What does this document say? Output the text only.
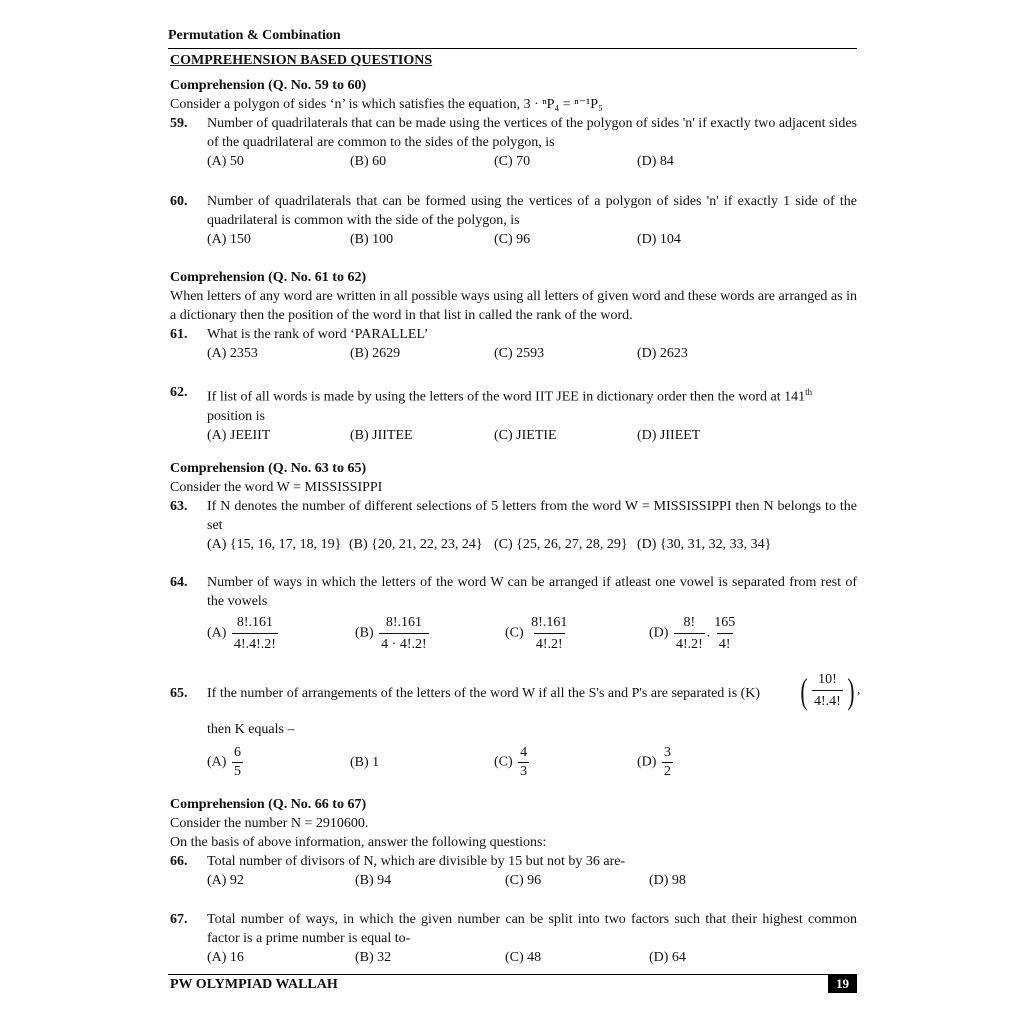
Permutation & Combination
COMPREHENSION BASED QUESTIONS
Comprehension (Q. No. 59 to 60)
Consider a polygon of sides ‘n’ is which satisfies the equation, 3 · ⁿP₄ = ⁿ⁻¹P₅
59. Number of quadrilaterals that can be made using the vertices of the polygon of sides 'n' if exactly two adjacent sides of the quadrilateral are common to the sides of the polygon, is
(A) 50	(B) 60	(C) 70	(D) 84
60. Number of quadrilaterals that can be formed using the vertices of a polygon of sides 'n' if exactly 1 side of the quadrilateral is common with the side of the polygon, is
(A) 150	(B) 100	(C) 96	(D) 104
Comprehension (Q. No. 61 to 62)
When letters of any word are written in all possible ways using all letters of given word and these words are arranged as in a dictionary then the position of the word in that list in called the rank of the word.
61. What is the rank of word ‘PARALLEL’
(A) 2353	(B) 2629	(C) 2593	(D) 2623
62. If list of all words is made by using the letters of the word IIT JEE in dictionary order then the word at 141th
position is
(A) JEEIIT	(B) JIITEE	(C) JIETIE	(D) JIIEET
Comprehension (Q. No. 63 to 65)
Consider the word W = MISSISSIPPI
63. If N denotes the number of different selections of 5 letters from the word W = MISSISSIPPI then N belongs to the set
(A) {15, 16, 17, 18, 19} (B) {20, 21, 22, 23, 24} (C) {25, 26, 27, 28, 29} (D) {30, 31, 32, 33, 34}
64. Number of ways in which the letters of the word W can be arranged if atleast one vowel is separated from rest of the vowels
$(A) \frac{8!.161}{4!.4!.2!}$	$(B) \frac{8!.161}{4 \cdot 4!.2!}$	$(C) \frac{8!.161}{4!.2!}$	$(D) \frac{8!}{4!.2!}$ . $\frac{165}{4!}$
65. If the number of arrangements of the letters of the word W if all the S's and P's are separated is (K)	( $\frac{10!}{4!.4!}$ ) ,
then K equals –
$(A) \frac{6}{5}$	(B) 1	$(C) \frac{4}{3}$	$(D) \frac{3}{2}$
Comprehension (Q. No. 66 to 67)
Consider the number N = 2910600.
On the basis of above information, answer the following questions:
66. Total number of divisors of N, which are divisible by 15 but not by 36 are-
(A) 92	(B) 94	(C) 96	(D) 98
67. Total number of ways, in which the given number can be split into two factors such that their highest common factor is a prime number is equal to-
(A) 16	(B) 32	(C) 48	(D) 64
PW OLYMPIAD WALLAH	19
